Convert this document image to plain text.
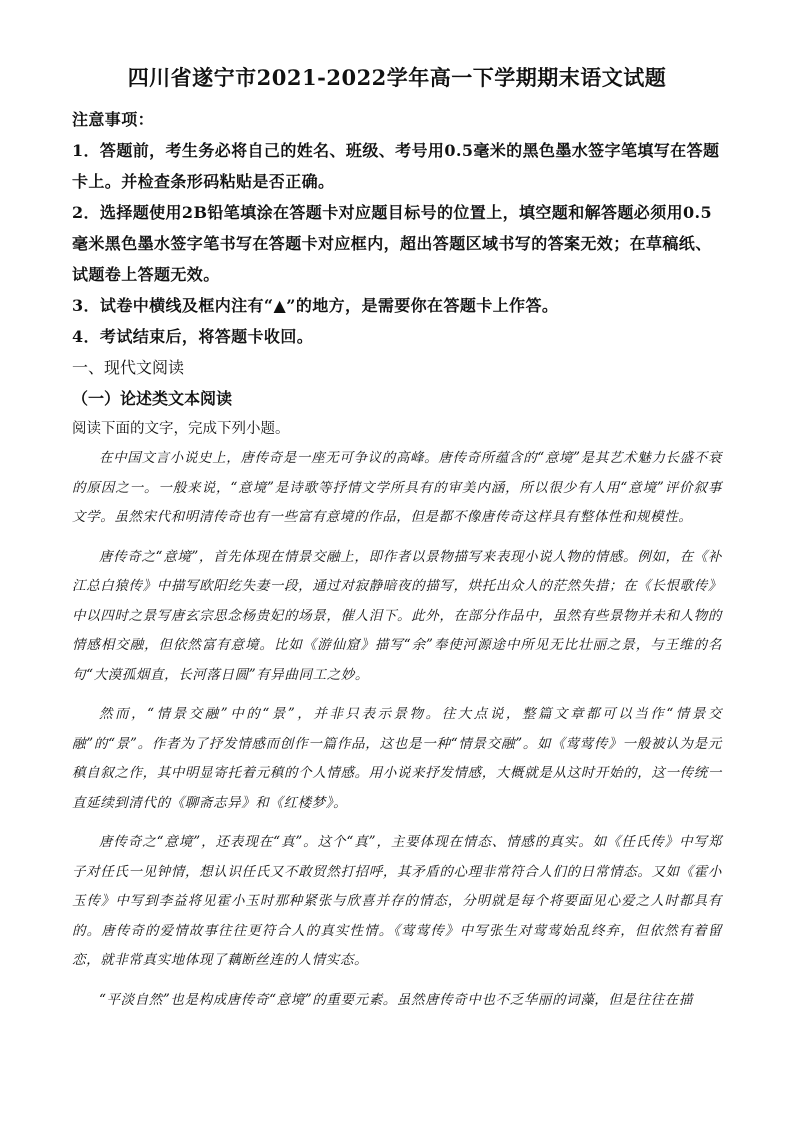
四川省遂宁市2021-2022学年高一下学期期末语文试题

注意事项：

1．答题前，考生务必将自己的姓名、班级、考号用0.5毫米的黑色墨水签字笔填写在答题卡上。并检查条形码粘贴是否正确。

2．选择题使用2B铅笔填涂在答题卡对应题目标号的位置上，填空题和解答题必须用0.5毫米黑色墨水签字笔书写在答题卡对应框内，超出答题区域书写的答案无效；在草稿纸、试题卷上答题无效。

3．试卷中横线及框内注有“▲”的地方，是需要你在答题卡上作答。

4．考试结束后，将答题卡收回。

一、现代文阅读

（一）论述类文本阅读

阅读下面的文字，完成下列小题。

在中国文言小说史上，唐传奇是一座无可争议的高峰。唐传奇所蕴含的“意境”是其艺术魅力长盛不衰的原因之一。一般来说，“意境”是诗歌等抒情文学所具有的审美内涵，所以很少有人用“意境”评价叙事文学。虽然宋代和明清传奇也有一些富有意境的作品，但是都不像唐传奇这样具有整体性和规模性。

唐传奇之“意境”，首先体现在情景交融上，即作者以景物描写来表现小说人物的情感。例如，在《补江总白猿传》中描写欧阳纥失妻一段，通过对寂静暗夜的描写，烘托出众人的茫然失措；在《长恨歌传》中以四时之景写唐玄宗思念杨贵妃的场景，催人泪下。此外，在部分作品中，虽然有些景物并未和人物的情感相交融，但依然富有意境。比如《游仙窟》描写“余”奉使河源途中所见无比壮丽之景，与王维的名句“大漠孤烟直，长河落日圆”有异曲同工之妙。

然而，“情景交融”中的“景”，并非只表示景物。往大点说，整篇文章都可以当作“情景交融”的“景”。作者为了抒发情感而创作一篇作品，这也是一种“情景交融”。如《莺莺传》一般被认为是元稹自叙之作，其中明显寄托着元稹的个人情感。用小说来抒发情感，大概就是从这时开始的，这一传统一直延续到清代的《聊斋志异》和《红楼梦》。

唐传奇之“意境”，还表现在“真”。这个“真”，主要体现在情态、情感的真实。如《任氏传》中写郑子对任氏一见钟情，想认识任氏又不敢贸然打招呼，其矛盾的心理非常符合人们的日常情态。又如《霍小玉传》中写到李益将见霍小玉时那种紧张与欣喜并存的情态，分明就是每个将要面见心爱之人时都具有的。唐传奇的爱情故事往往更符合人的真实性情。《莺莺传》中写张生对莺莺始乱终弃，但依然有着留恋，就非常真实地体现了藕断丝连的人情实态。

“平淡自然”也是构成唐传奇“意境”的重要元素。虽然唐传奇中也不乏华丽的词藻，但是往往在描
